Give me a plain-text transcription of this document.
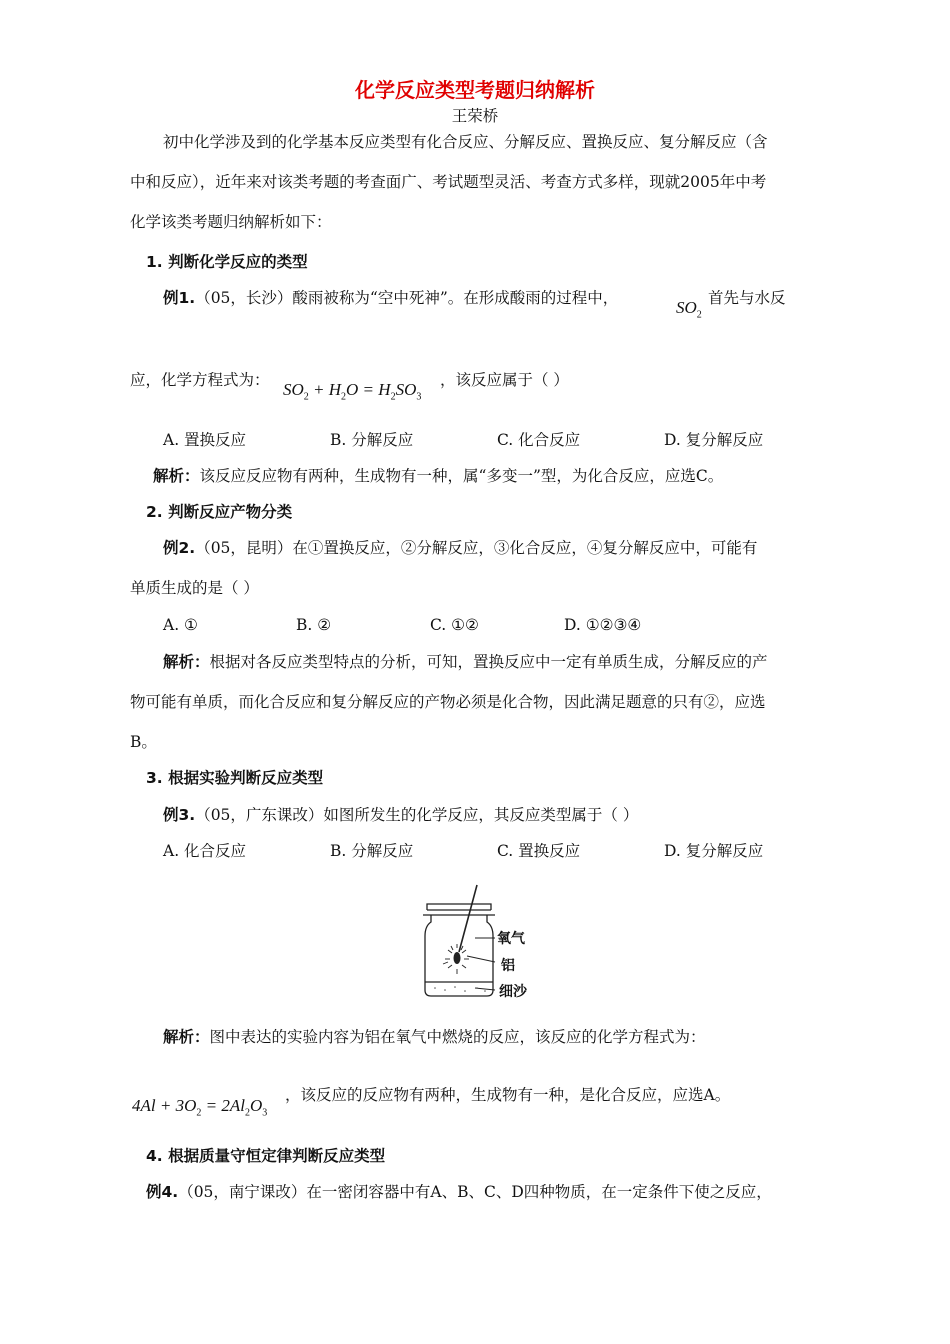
化学反应类型考题归纳解析
王荣桥
初中化学涉及到的化学基本反应类型有化合反应、分解反应、置换反应、复分解反应（含
中和反应），近年来对该类考题的考查面广、考试题型灵活、考查方式多样，现就2005年中考
化学该类考题归纳解析如下：
1. 判断化学反应的类型
例1.（05，长沙）酸雨被称为“空中死神”。在形成酸雨的过程中，	$SO_2$
首先与水反
应，化学方程式为： $SO_2 + H_2O = H_2SO_3$
，该反应属于（ ）
A. 置换反应	B. 分解反应	C. 化合反应	D. 复分解反应
解析：该反应反应物有两种，生成物有一种，属“多变一”型，为化合反应，应选C。
2. 判断反应产物分类
例2.（05，昆明）在①置换反应，②分解反应，③化合反应，④复分解反应中，可能有
单质生成的是（ ）
A. ①	B. ②	C. ①②	D. ①②③④
解析：根据对各反应类型特点的分析，可知，置换反应中一定有单质生成，分解反应的产
物可能有单质，而化合反应和复分解反应的产物必须是化合物，因此满足题意的只有②，应选
B。
3. 根据实验判断反应类型
例3.（05，广东课改）如图所发生的化学反应，其反应类型属于（ ）
A. 化合反应	B. 分解反应	C. 置换反应	D. 复分解反应
氧气
铝
细沙
解析：图中表达的实验内容为铝在氧气中燃烧的反应，该反应的化学方程式为：
$4Al + 3O_2 = 2Al_2O_3$
，该反应的反应物有两种，生成物有一种，是化合反应，应选A。
4. 根据质量守恒定律判断反应类型
例4.（05，南宁课改）在一密闭容器中有A、B、C、D四种物质，在一定条件下使之反应，
